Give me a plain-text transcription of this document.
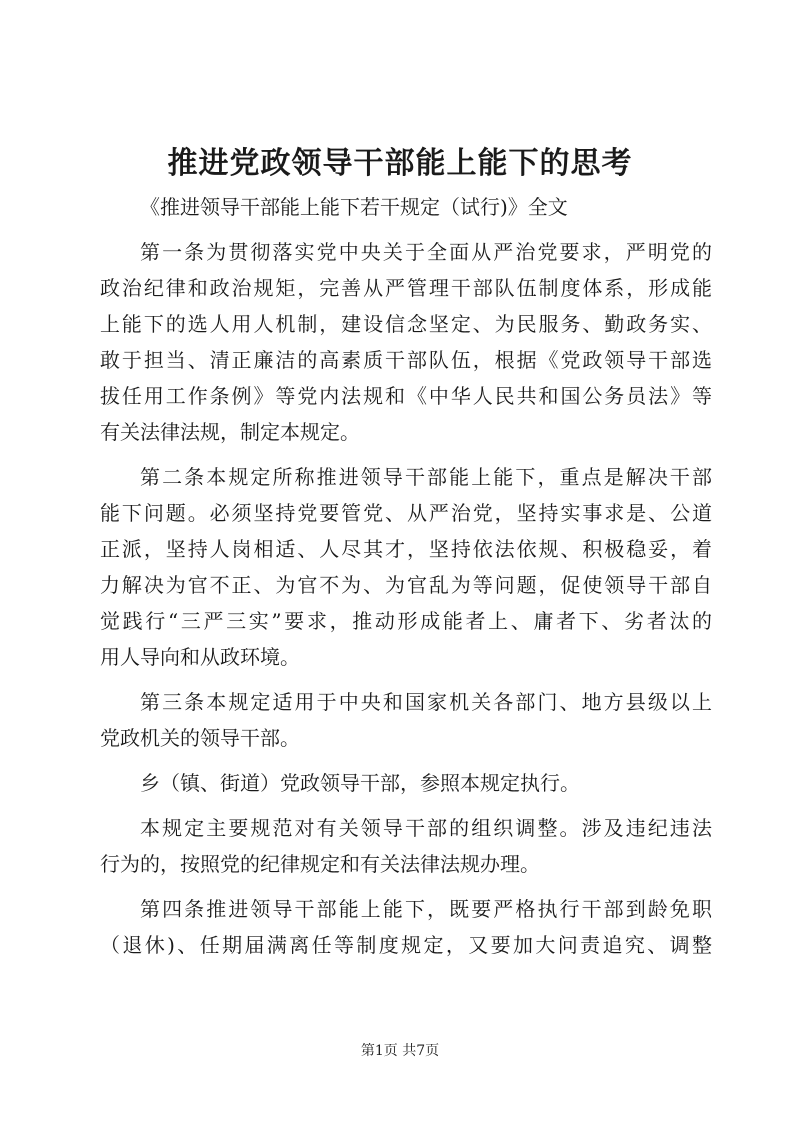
推进党政领导干部能上能下的思考
《推进领导干部能上能下若干规定（试行)》全文
第一条为贯彻落实党中央关于全面从严治党要求，严明党的
政治纪律和政治规矩，完善从严管理干部队伍制度体系，形成能
上能下的选人用人机制，建设信念坚定、为民服务、勤政务实、
敢于担当、清正廉洁的高素质干部队伍，根据《党政领导干部选
拔任用工作条例》等党内法规和《中华人民共和国公务员法》等
有关法律法规，制定本规定。
第二条本规定所称推进领导干部能上能下，重点是解决干部
能下问题。必须坚持党要管党、从严治党，坚持实事求是、公道
正派，坚持人岗相适、人尽其才，坚持依法依规、积极稳妥，着
力解决为官不正、为官不为、为官乱为等问题，促使领导干部自
觉践行“三严三实”要求，推动形成能者上、庸者下、劣者汰的
用人导向和从政环境。
第三条本规定适用于中央和国家机关各部门、地方县级以上
党政机关的领导干部。
乡（镇、街道）党政领导干部，参照本规定执行。
本规定主要规范对有关领导干部的组织调整。涉及违纪违法
行为的，按照党的纪律规定和有关法律法规办理。
第四条推进领导干部能上能下，既要严格执行干部到龄免职
（退休)、任期届满离任等制度规定，又要加大问责追究、调整
第1页 共7页
